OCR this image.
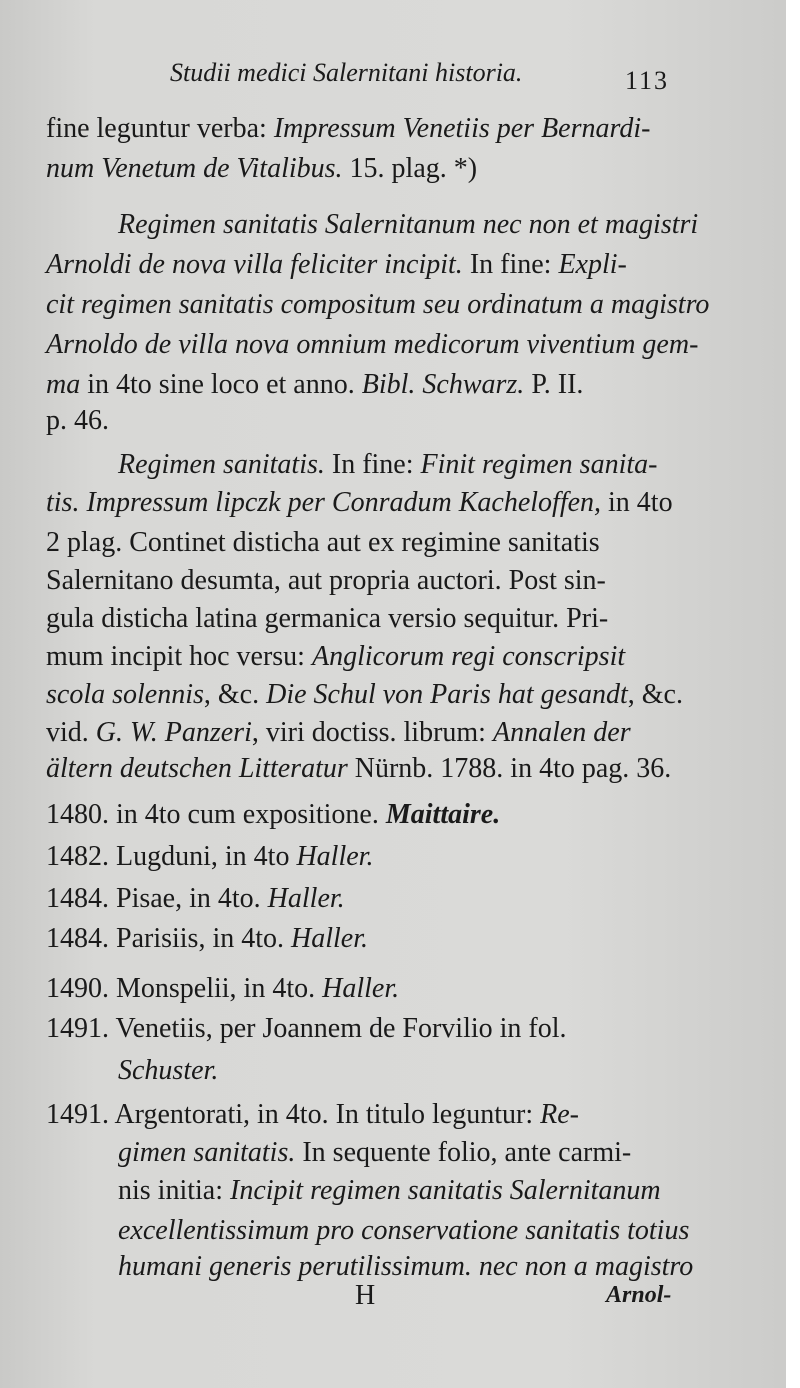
Studii medici Salernitani historia.	113
fine leguntur verba: Impressum Venetiis per Bernardi-
num Venetum de Vitalibus. 15. plag. *)
Regimen sanitatis Salernitanum nec non et magistri
Arnoldi de nova villa feliciter incipit. In fine: Expli-
cit regimen sanitatis compositum seu ordinatum a magistro
Arnoldo de villa nova omnium medicorum viventium gem-
ma in 4to sine loco et anno. Bibl. Schwarz. P. II.
p. 46.
Regimen sanitatis. In fine: Finit regimen sanita-
tis. Impressum lipczk per Conradum Kacheloffen, in 4to
2 plag. Continet disticha aut ex regimine sanitatis
Salernitano desumta, aut propria auctori. Post sin-
gula disticha latina germanica versio sequitur. Pri-
mum incipit hoc versu: Anglicorum regi conscripsit
scola solennis, &c. Die Schul von Paris hat gesandt, &c.
vid. G. W. Panzeri, viri doctiss. librum: Annalen der
ältern deutschen Litteratur Nürnb. 1788. in 4to pag. 36.
1480. in 4to cum expositione. Maittaire.
1482. Lugduni, in 4to Haller.
1484. Pisae, in 4to. Haller.
1484. Parisiis, in 4to. Haller.
1490. Monspelii, in 4to. Haller.
1491. Venetiis, per Joannem de Forvilio in fol.
Schuster.
1491. Argentorati, in 4to. In titulo leguntur: Re-
gimen sanitatis. In sequente folio, ante carmi-
nis initia: Incipit regimen sanitatis Salernitanum
excellentissimum pro conservatione sanitatis totius
humani generis perutilissimum. nec non a magistro
H	Arnol-
